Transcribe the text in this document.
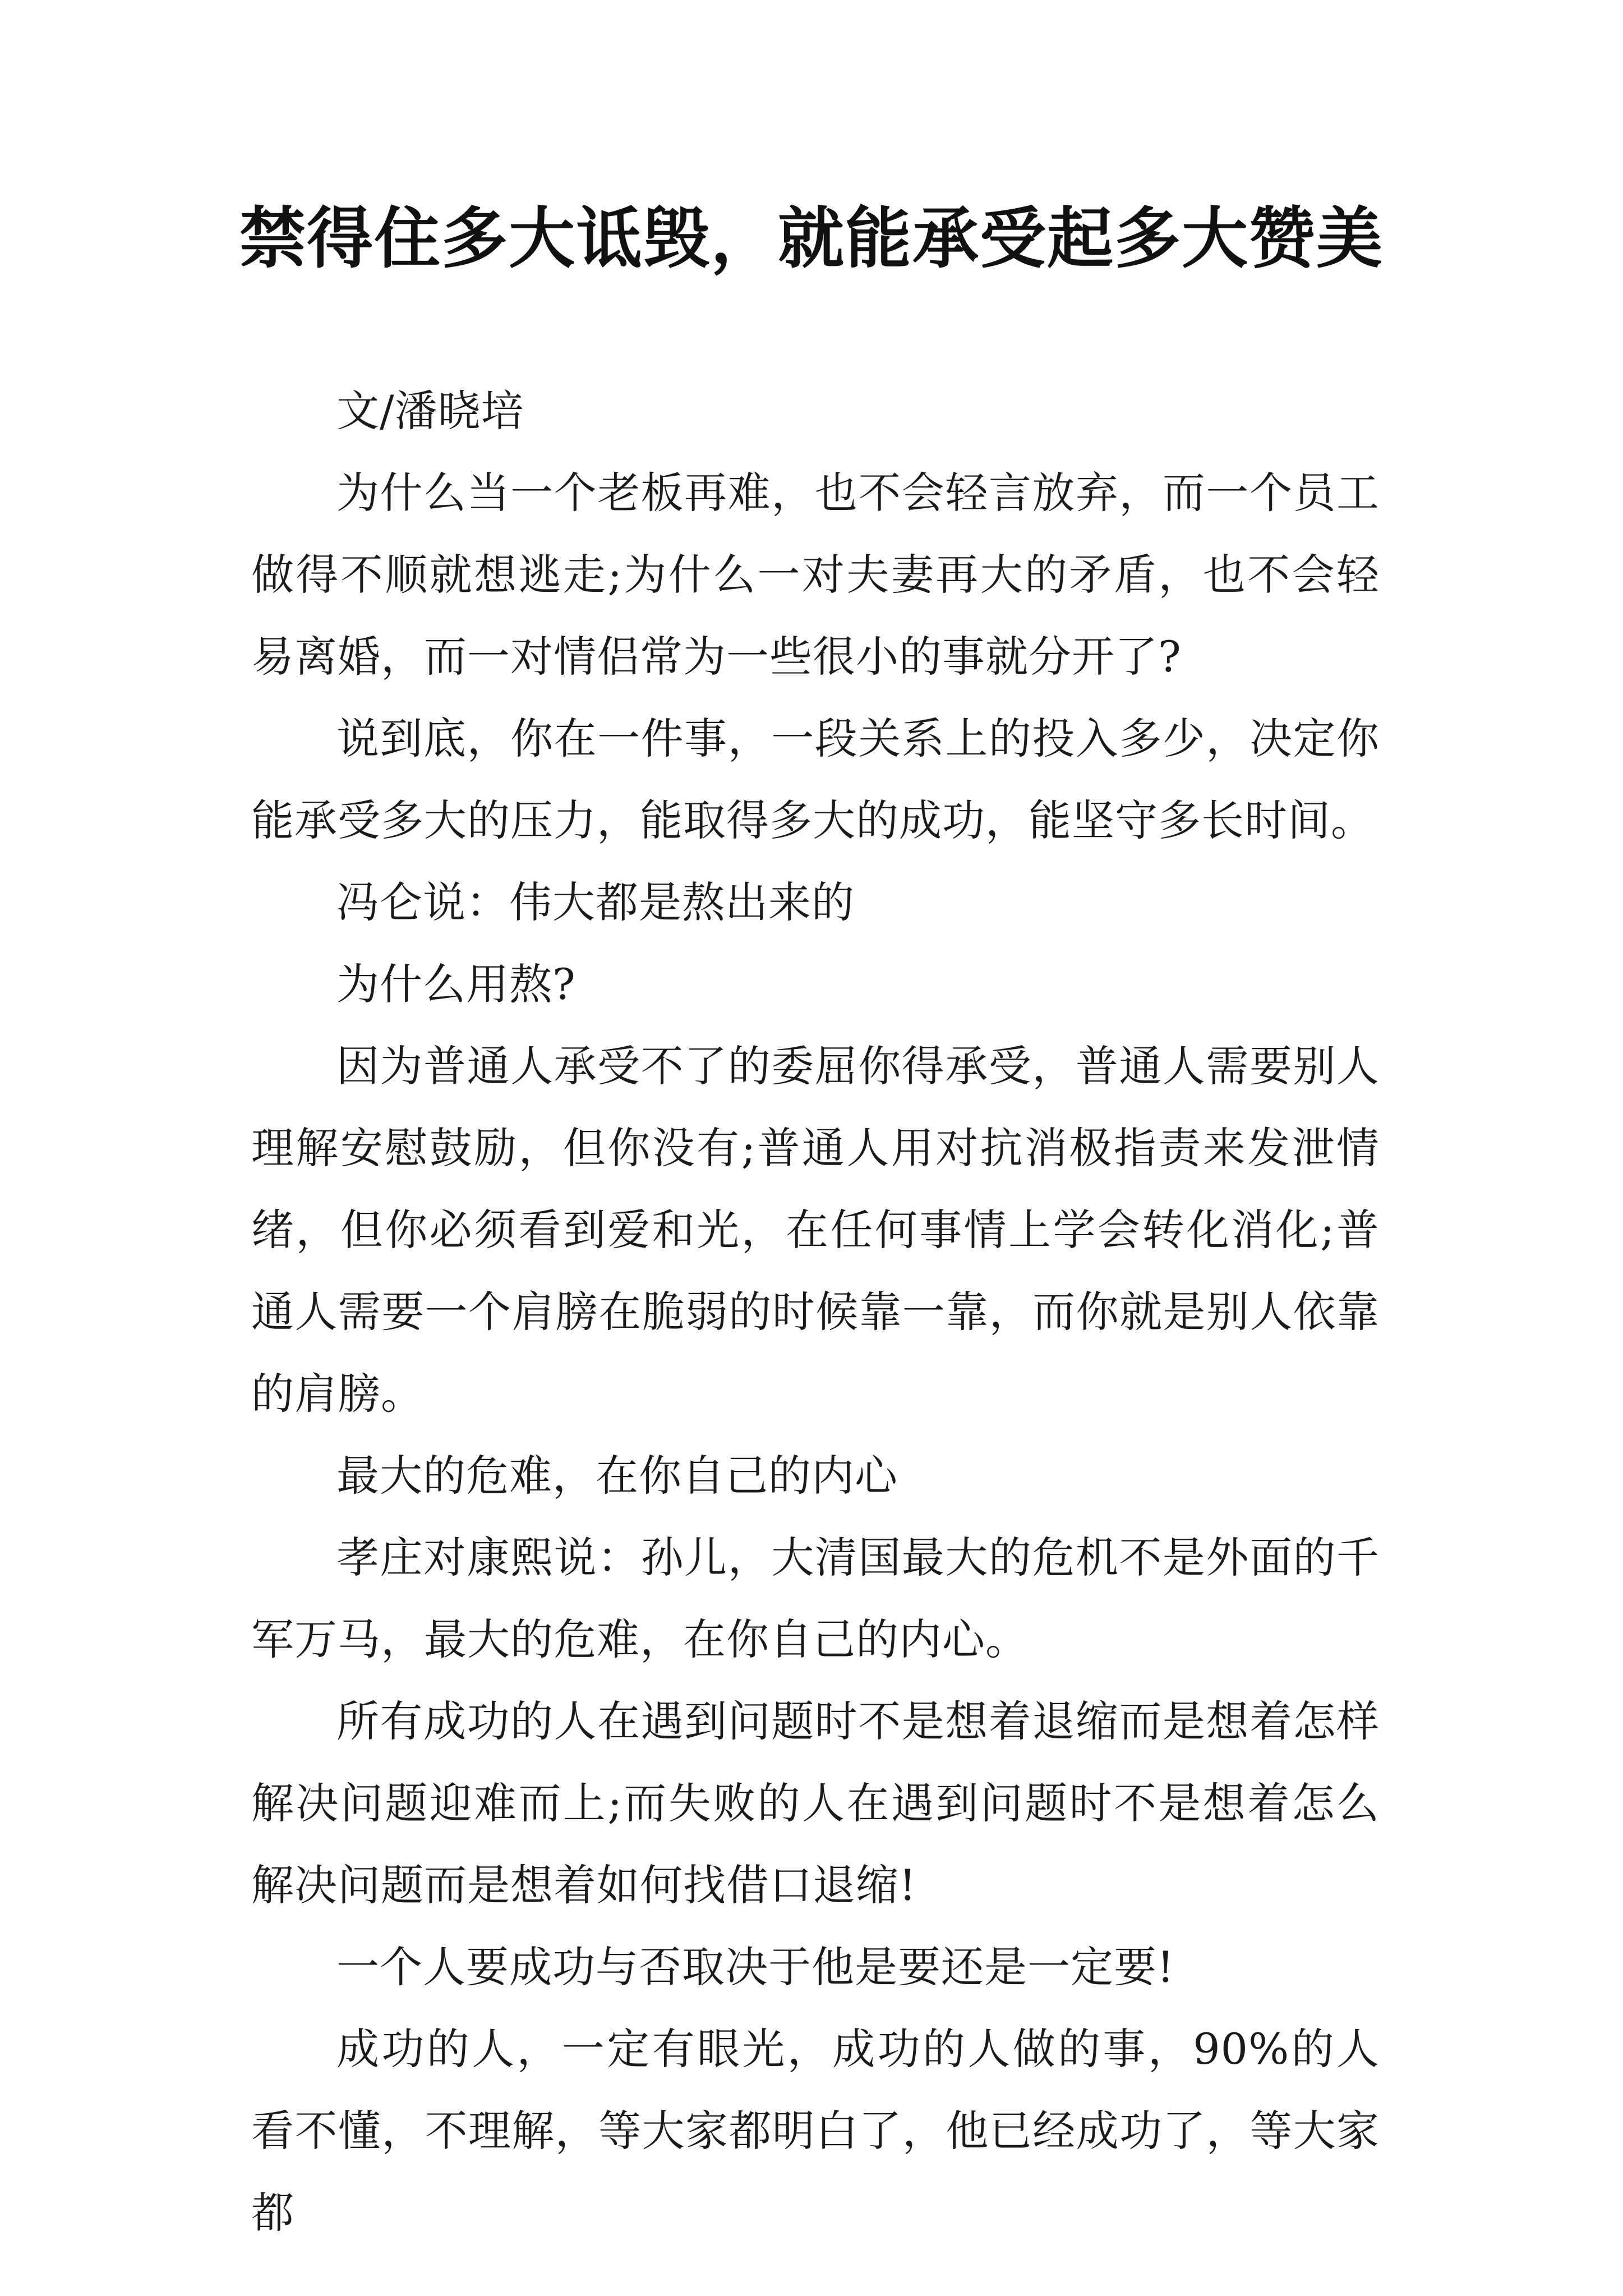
禁得住多大诋毁，就能承受起多大赞美

文/潘晓培

为什么当一个老板再难，也不会轻言放弃，而一个员工做得不顺就想逃走;为什么一对夫妻再大的矛盾，也不会轻易离婚，而一对情侣常为一些很小的事就分开了?

说到底，你在一件事，一段关系上的投入多少，决定你能承受多大的压力，能取得多大的成功，能坚守多长时间。

冯仑说：伟大都是熬出来的

为什么用熬?

因为普通人承受不了的委屈你得承受，普通人需要别人理解安慰鼓励，但你没有;普通人用对抗消极指责来发泄情绪，但你必须看到爱和光，在任何事情上学会转化消化;普通人需要一个肩膀在脆弱的时候靠一靠，而你就是别人依靠的肩膀。

最大的危难，在你自己的内心

孝庄对康熙说：孙儿，大清国最大的危机不是外面的千军万马，最大的危难，在你自己的内心。

所有成功的人在遇到问题时不是想着退缩而是想着怎样解决问题迎难而上;而失败的人在遇到问题时不是想着怎么解决问题而是想着如何找借口退缩!

一个人要成功与否取决于他是要还是一定要!

成功的人，一定有眼光，成功的人做的事，90%的人看不懂，不理解，等大家都明白了，他已经成功了，等大家都
